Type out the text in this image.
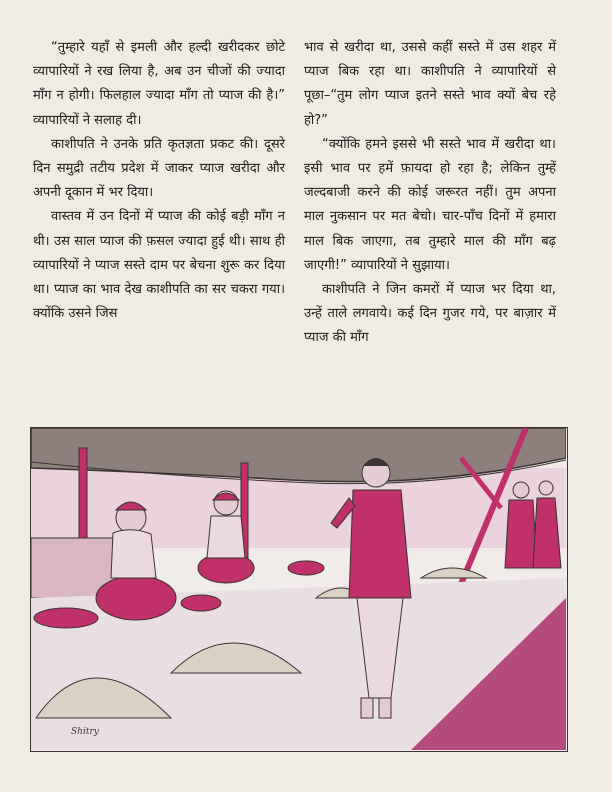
“तुम्हारे यहाँ से इमली और हल्दी खरीदकर छोटे व्यापारियों ने रख लिया है, अब उन चीजों की ज्यादा माँग न होगी। फिलहाल ज्यादा माँग तो प्याज की है।” व्यापारियों ने सलाह दी।

काशीपति ने उनके प्रति कृतज्ञता प्रकट की। दूसरे दिन समुद्री तटीय प्रदेश में जाकर प्याज खरीदा और अपनी दूकान में भर दिया।

वास्तव में उन दिनों में प्याज की कोई बड़ी माँग न थी। उस साल प्याज की फ़सल ज्यादा हुई थी। साथ ही व्यापारियों ने प्याज सस्ते दाम पर बेचना शुरू कर दिया था। प्याज का भाव देख काशीपति का सर चकरा गया। क्योंकि उसने जिस

भाव से खरीदा था, उससे कहीं सस्ते में उस शहर में प्याज बिक रहा था। काशीपति ने व्यापारियों से पूछा–“तुम लोग प्याज इतने सस्ते भाव क्यों बेच रहे हो?”

“क्योंकि हमने इससे भी सस्ते भाव में खरीदा था। इसी भाव पर हमें फ़ायदा हो रहा है; लेकिन तुम्हें जल्दबाजी करने की कोई जरूरत नहीं। तुम अपना माल नुकसान पर मत बेचो। चार-पाँच दिनों में हमारा माल बिक जाएगा, तब तुम्हारे माल की माँग बढ़ जाएगी!” व्यापारियों ने सुझाया।

काशीपति ने जिन कमरों में प्याज भर दिया था, उन्हें ताले लगवाये। कई दिन गुजर गये, पर बाज़ार में प्याज की माँग

Shitry
